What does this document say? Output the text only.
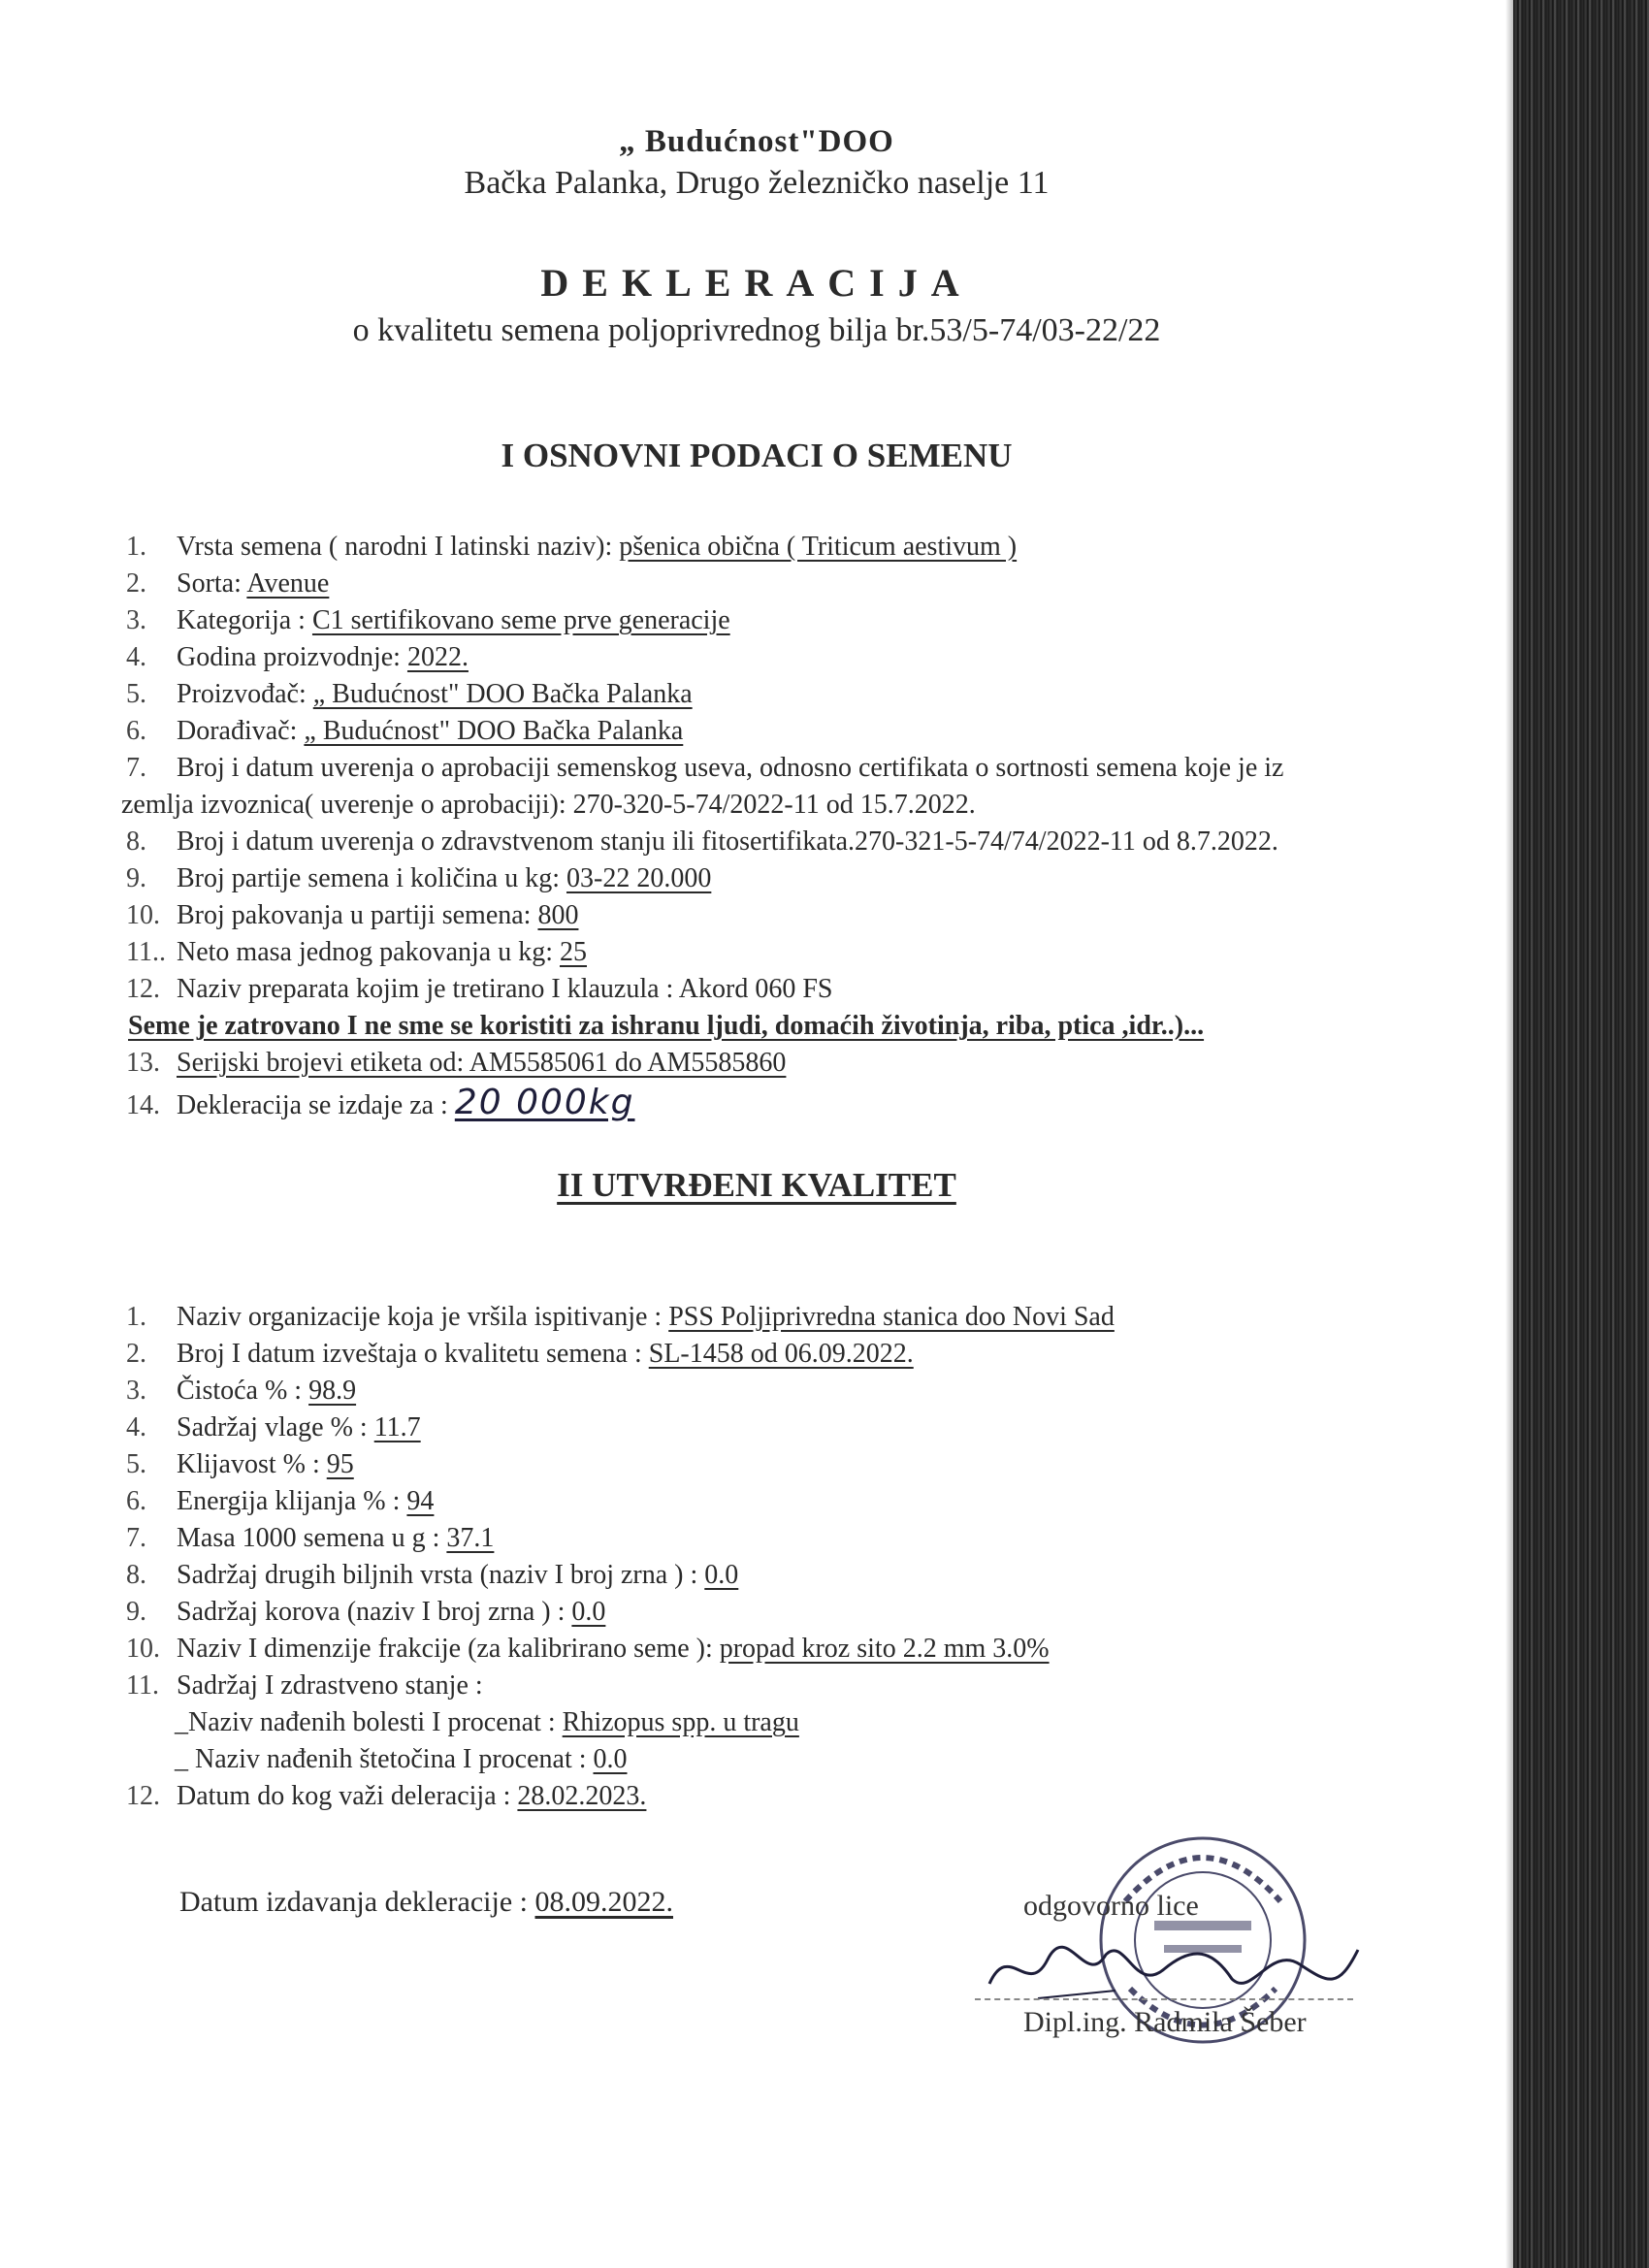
„ Budućnost"DOO
Bačka Palanka, Drugo železničko naselje 11
DEKLERACIJA
o kvalitetu semena poljoprivrednog bilja br.53/5-74/03-22/22
I OSNOVNI PODACI O SEMENU
1. Vrsta semena ( narodni I latinski naziv): pšenica obična ( Triticum aestivum )
2. Sorta: Avenue
3. Kategorija : C1 sertifikovano seme prve generacije
4. Godina proizvodnje: 2022.
5. Proizvođač: „ Budućnost" DOO Bačka Palanka
6. Dorađivač: „ Budućnost" DOO Bačka Palanka
7. Broj i datum uverenja o aprobaciji semenskog useva, odnosno certifikata o sortnosti semena koje je iz
zemlja izvoznica( uverenje o aprobaciji): 270-320-5-74/2022-11 od 15.7.2022.
8. Broj i datum uverenja o zdravstvenom stanju ili fitosertifikata.270-321-5-74/74/2022-11 od 8.7.2022.
9. Broj partije semena i količina u kg: 03-22 20.000
10. Broj pakovanja u partiji semena: 800
11.. Neto masa jednog pakovanja u kg: 25
12. Naziv preparata kojim je tretirano I klauzula : Akord 060 FS
Seme je zatrovano I ne sme se koristiti za ishranu ljudi, domaćih životinja, riba, ptica ,idr..)...
13. Serijski brojevi etiketa od: AM5585061 do AM5585860
14. Dekleracija se izdaje za : 20 000kg
II UTVRĐENI KVALITET
1. Naziv organizacije koja je vršila ispitivanje : PSS Poljiprivredna stanica doo Novi Sad
2. Broj I datum izveštaja o kvalitetu semena : SL-1458 od 06.09.2022.
3. Čistoća % : 98.9
4. Sadržaj vlage % : 11.7
5. Klijavost % : 95
6. Energija klijanja % : 94
7. Masa 1000 semena u g : 37.1
8. Sadržaj drugih biljnih vrsta (naziv I broj zrna ) : 0.0
9. Sadržaj korova (naziv I broj zrna ) : 0.0
10. Naziv I dimenzije frakcije (za kalibrirano seme ): propad kroz sito 2.2 mm 3.0%
11. Sadržaj I zdrastveno stanje :
_Naziv nađenih bolesti I procenat : Rhizopus spp. u tragu
_ Naziv nađenih štetočina I procenat : 0.0
12. Datum do kog važi deleracija : 28.02.2023.
Datum izdavanja dekleracije : 08.09.2022.	odgovorno lice
Dipl.ing. Radmila Šeber
